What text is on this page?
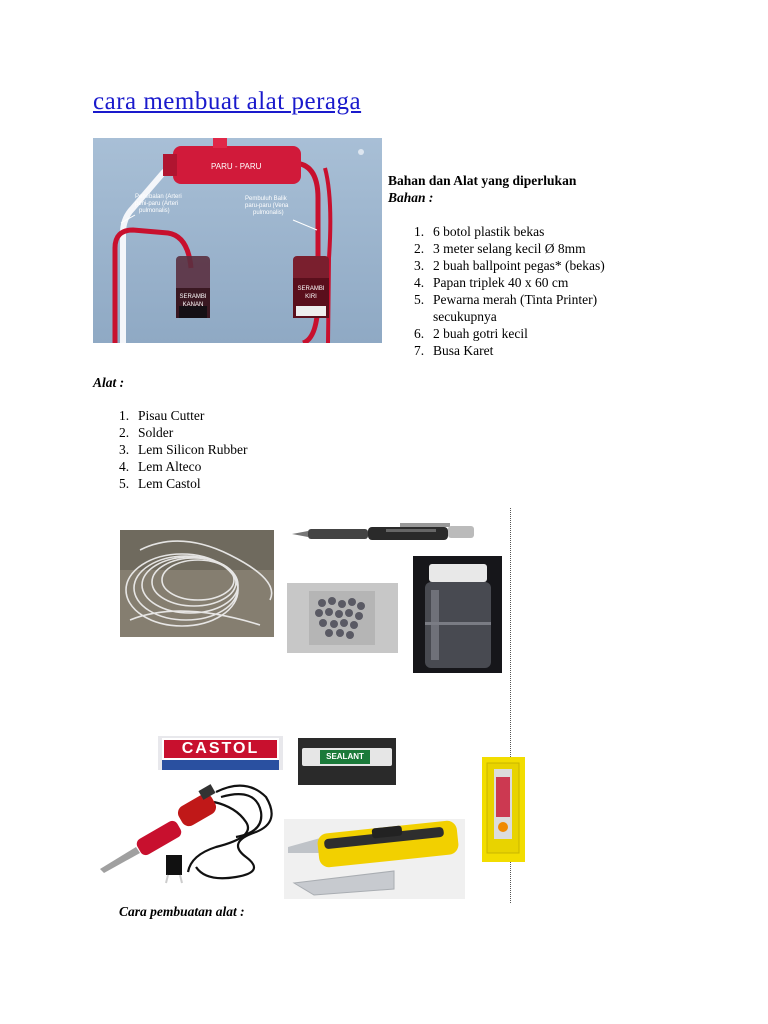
cara membuat alat peraga
PARU - PARU
Penebalan (Arteri peni-paru (Arteri pulmonalis)
Pembuluh Balik paru-paru (Vena pulmonalis)
SERAMBI KANAN
SERAMBI KIRI
Bahan dan Alat yang diperlukan
Bahan :
1. 6 botol plastik bekas
2. 3 meter selang kecil Ø 8mm
3. 2 buah ballpoint pegas* (bekas)
4. Papan triplek 40 x 60 cm
5. Pewarna merah (Tinta Printer)
secukupnya
6. 2 buah gotri kecil
7. Busa Karet
Alat :
1. Pisau Cutter
2. Solder
3. Lem Silicon Rubber
4. Lem Alteco
5. Lem Castol
CASTOL	SEALANT
Cara pembuatan alat :
